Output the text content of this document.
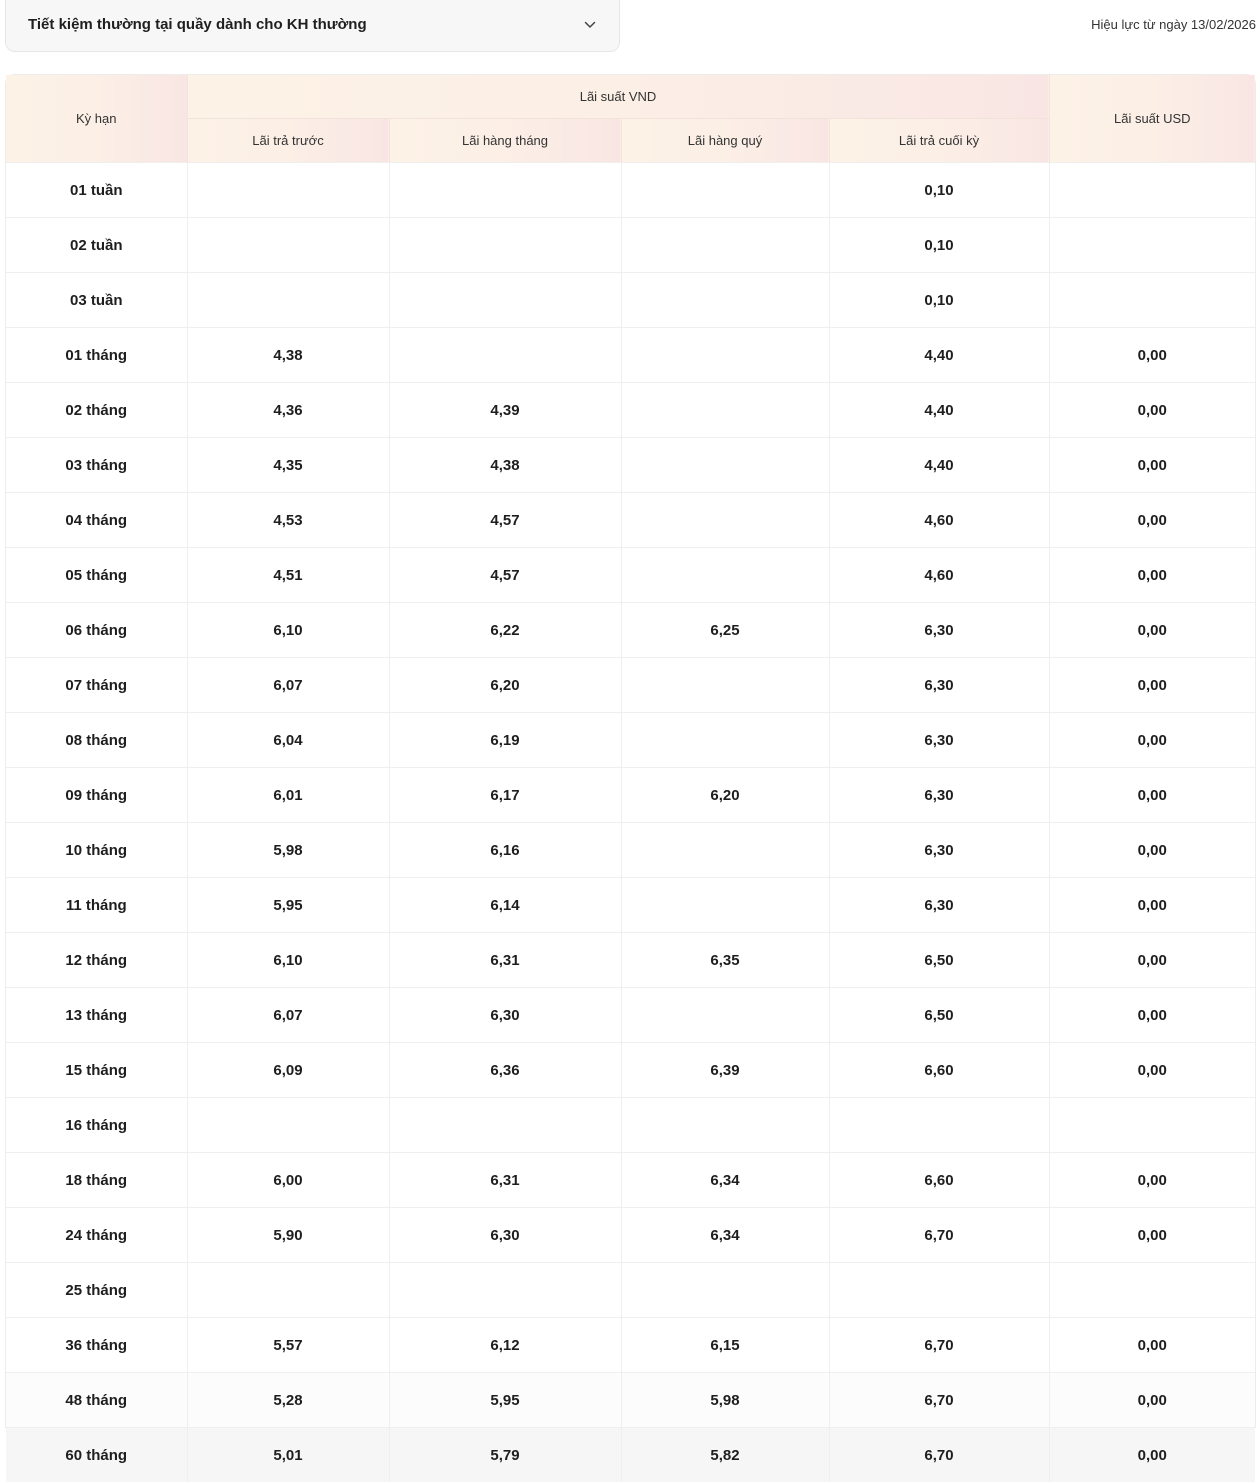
Tiết kiệm thường tại quầy dành cho KH thường	Hiệu lực từ ngày 13/02/2026
Kỳ hạn	Lãi suất VND				Lãi suất USD
	Lãi trả trước	Lãi hàng tháng	Lãi hàng quý	Lãi trả cuối kỳ	
01 tuần				0,10	
02 tuần				0,10	
03 tuần				0,10	
01 tháng	4,38			4,40	0,00
02 tháng	4,36	4,39		4,40	0,00
03 tháng	4,35	4,38		4,40	0,00
04 tháng	4,53	4,57		4,60	0,00
05 tháng	4,51	4,57		4,60	0,00
06 tháng	6,10	6,22	6,25	6,30	0,00
07 tháng	6,07	6,20		6,30	0,00
08 tháng	6,04	6,19		6,30	0,00
09 tháng	6,01	6,17	6,20	6,30	0,00
10 tháng	5,98	6,16		6,30	0,00
11 tháng	5,95	6,14		6,30	0,00
12 tháng	6,10	6,31	6,35	6,50	0,00
13 tháng	6,07	6,30		6,50	0,00
15 tháng	6,09	6,36	6,39	6,60	0,00
16 tháng					
18 tháng	6,00	6,31	6,34	6,60	0,00
24 tháng	5,90	6,30	6,34	6,70	0,00
25 tháng					
36 tháng	5,57	6,12	6,15	6,70	0,00
48 tháng	5,28	5,95	5,98	6,70	0,00
60 tháng	5,01	5,79	5,82	6,70	0,00
